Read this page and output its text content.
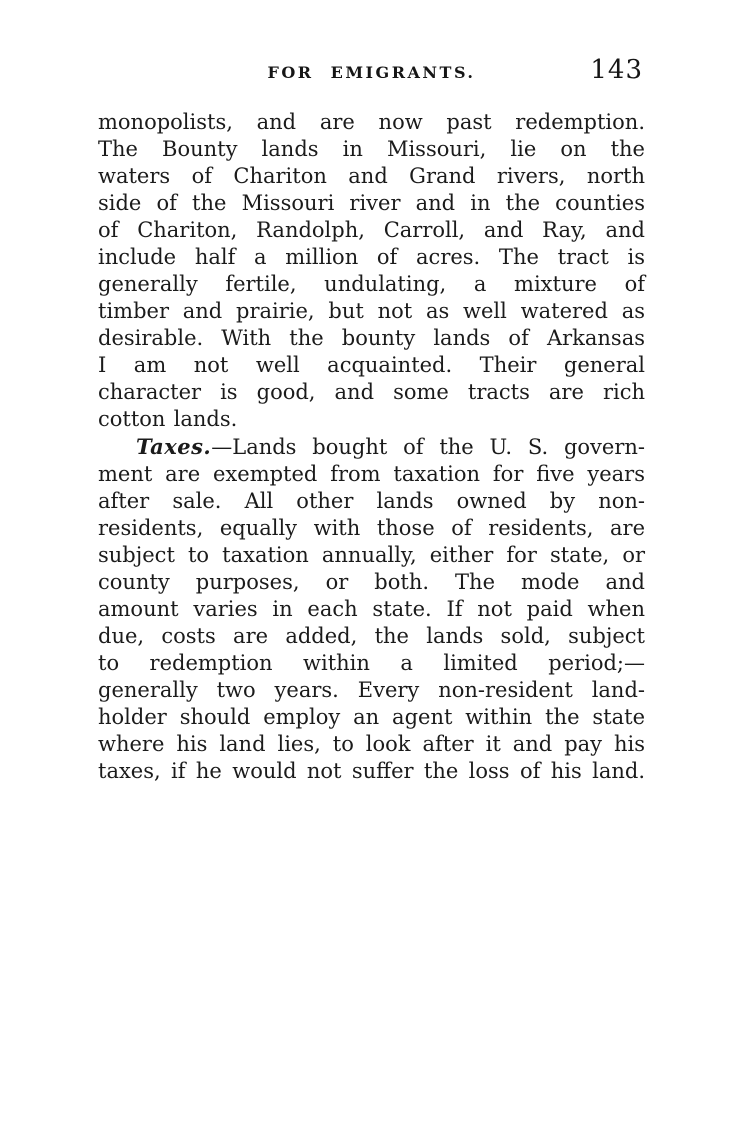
FOR EMIGRANTS.	143
monopolists, and are now past redemption.
The Bounty lands in Missouri, lie on the
waters of Chariton and Grand rivers, north
side of the Missouri river and in the counties
of Chariton, Randolph, Carroll, and Ray, and
include half a million of acres. The tract is
generally fertile, undulating, a mixture of
timber and prairie, but not as well watered as
desirable. With the bounty lands of Arkansas
I am not well acquainted. Their general
character is good, and some tracts are rich
cotton lands.
Taxes.—Lands bought of the U. S. govern-
ment are exempted from taxation for five years
after sale. All other lands owned by non-
residents, equally with those of residents, are
subject to taxation annually, either for state, or
county purposes, or both. The mode and
amount varies in each state. If not paid when
due, costs are added, the lands sold, subject
to redemption within a limited period;—
generally two years. Every non-resident land-
holder should employ an agent within the state
where his land lies, to look after it and pay his
taxes, if he would not suffer the loss of his land.
